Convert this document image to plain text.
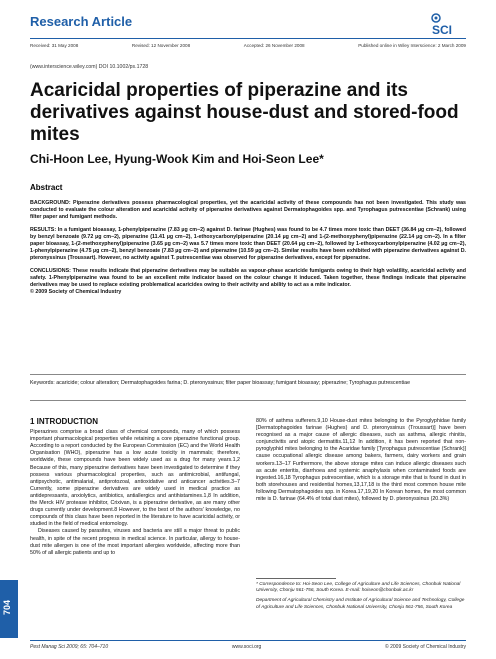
Research Article
SCI
Received: 31 May 2008	Revised: 12 November 2008	Accepted: 26 November 2008	Published online in Wiley Interscience: 2 March 2009
(www.interscience.wiley.com) DOI 10.1002/ps.1728
Acaricidal properties of piperazine and its derivatives against house-dust and stored-food mites
Chi-Hoon Lee, Hyung-Wook Kim and Hoi-Seon Lee*
Abstract

BACKGROUND: Piperazine derivatives possess pharmacological properties, yet the acaricidal activity of these compounds has not been investigated. This study was conducted to evaluate the colour alteration and acaricidal activity of piperazine derivatives against Dermatophagoides spp. and Tyrophagus putrescentiae (Schrank) using filter paper and fumigant methods.

RESULTS: In a fumigant bioassay, 1-phenylpiperazine (7.83 µg cm−2) against D. farinae (Hughes) was found to be 4.7 times more toxic than DEET (36.84 µg cm−2), followed by benzyl benzoate (9.72 µg cm−2), piperazine (11.41 µg cm−2), 1-ethoxycarbonylpiperazine (20.14 µg cm−2) and 1-(2-methoxyphenyl)piperazine (22.14 µg cm−2). In a filter paper bioassay, 1-(2-methoxyphenyl)piperazine (3.65 µg cm−2) was 5.7 times more toxic than DEET (20.64 µg cm−2), followed by 1-ethoxycarbonylpiperazine (4.02 µg cm−2), 1-phenylpiperazine (4.75 µg cm−2), benzyl benzoate (7.83 µg cm−2) and piperazine (10.59 µg cm−2). Similar results have been exhibited with piperazine derivatives against D. pteronyssinus (Troussart). However, no activity against T. putrescentiae was observed for piperazine derivatives, except for piperazine.

CONCLUSIONS: These results indicate that piperazine derivatives may be suitable as vapour-phase acaricide fumigants owing to their high volatility, acaricidal activity and safety. 1-Phenylpiperazine was found to be an excellent mite indicator based on the colour change it induced. Taken together, these findings indicate that piperazine derivatives may be used to replace existing problematical acaricides owing to their activity and ability to act as a mite indicator.

© 2009 Society of Chemical Industry

Keywords: acaricide; colour alteration; Dermatophagoides farina; D. pteronyssinus; filter paper bioassay; fumigant bioassay; piperazine; Tyrophagus putrescentiae
1 INTRODUCTION

Piperazines comprise a broad class of chemical compounds, many of which possess important pharmacological properties while retaining a core piperazine functional group. According to a report conducted by the European Commission (EC) and the World Health Organisation (WHO), piperazine has a low acute toxicity in mammals; therefore, worldwide, these compounds have been widely used as a drug for many years.1,2 Because of this, many piperazine derivatives have been investigated to determine if they possess various pharmacological properties, such as antimicrobial, antifungal, antipsychotic, antimalarial, antiprotozoal, antioxidative and anticancer activities.3–7 Currently, some piperazine derivatives are widely used in medical practice as antidepressants, anxiolytics, antibiotics, antiallergics and antihistamines.1,8 In addition, the Merck HIV protease inhibitor, Crixivan, is a piperazine derivative, as are many other drugs currently under development.8 However, to the best of the authors' knowledge, no compounds of this class have been reported in the literature to have acaricidal activity, or studied in the field of medical entomology.

Diseases caused by parasites, viruses and bacteria are still a major threat to public health, in spite of the recent progress in medical science. In particular, allergy to house-dust mite allergen is one of the most important allergies worldwide, affecting more than 50% of all allergic patients and up to

80% of asthma sufferers.9,10 House-dust mites belonging to the Pyroglyphidae family [Dermatophagoides farinae (Hughes) and D. pteronyssinus (Troussart)] have been recognised as a major cause of allergic diseases, such as asthma, allergic rhinitis, conjunctivitis and atopic dermatitis.11,12 In addition, it has been reported that non-pyroglyphid mites belonging to the Acaridae family [Tyrophagus putrescentiae (Schrank)] cause occupational allergic disease among bakers, farmers, dairy workers and grain workers.13–17 Furthermore, the above storage mites can induce allergic diseases such as acute enteritis, diarrhoea and systemic anaphylaxis when contaminated foods are ingested.16,18 Tyrophagus putrescentiae, which is a storage mite that is found in dust in both storehouses and residential homes,13,17,18 is the third most common house mite following Dermatophagoides spp. in Korea.17,19,20 In Korean homes, the most common mite is D. farinae (64.4% of total dust mites), followed by D. pteronyssinus (20.3%)

* Correspondence to: Hoi-Seon Lee, College of Agriculture and Life Sciences, Chonbuk National University, Chonju 561-756, South Korea. E-mail: hoiseon@chonbuk.ac.kr

Department of Agricultural Chemistry and Institute of Agricultural Science and Technology, College of Agriculture and Life Sciences, Chonbuk National University, Chonju 561-756, South Korea

704
Pest Manag Sci 2009; 65: 704–710	www.soci.org	© 2009 Society of Chemical Industry
